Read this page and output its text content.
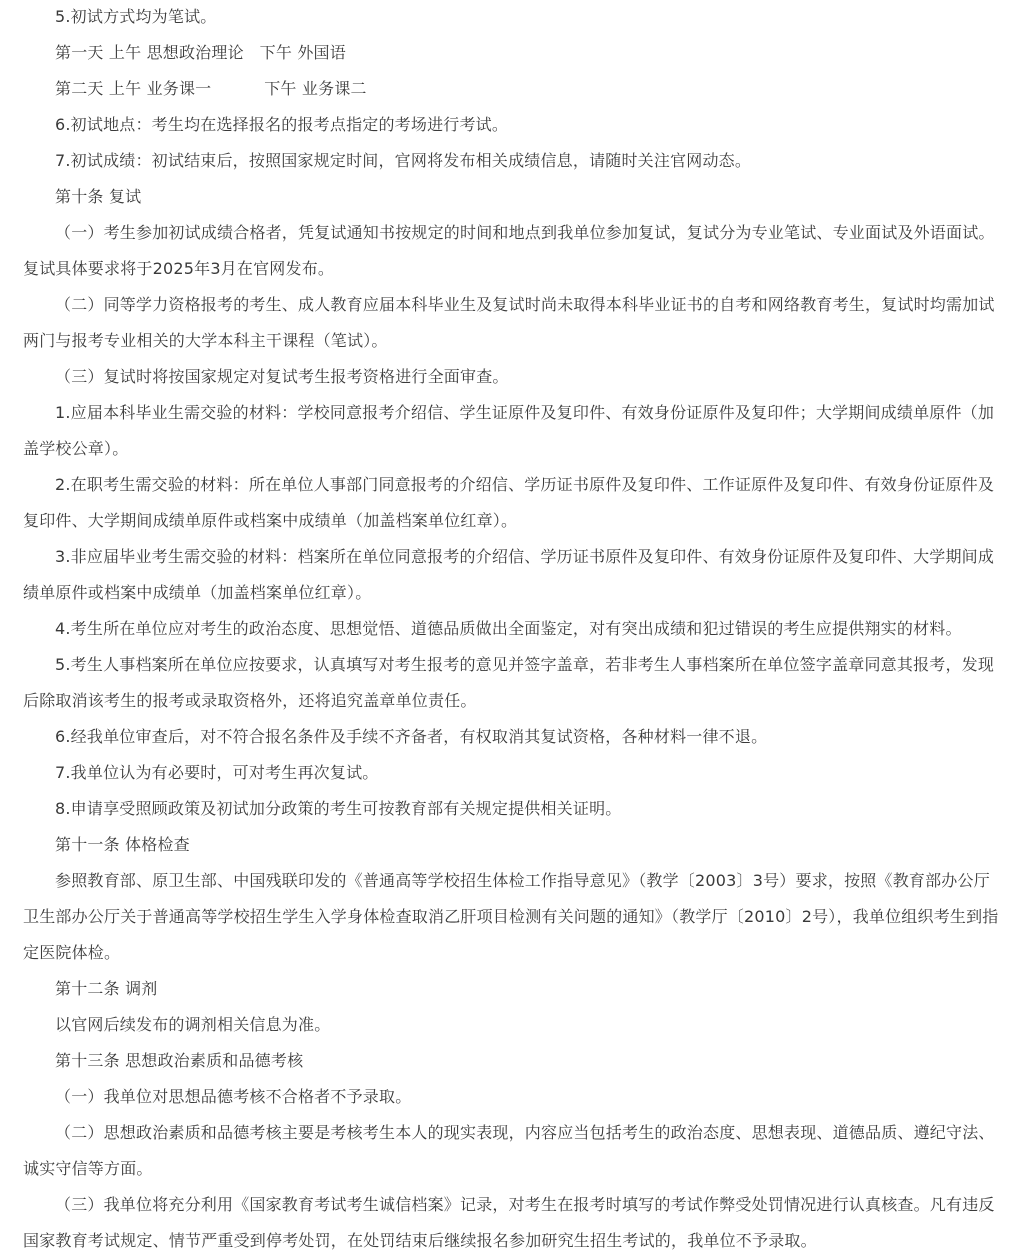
5.初试方式均为笔试。

第一天 上午 思想政治理论   下午 外国语

第二天 上午 业务课一          下午 业务课二

6.初试地点：考生均在选择报名的报考点指定的考场进行考试。

7.初试成绩：初试结束后，按照国家规定时间，官网将发布相关成绩信息，请随时关注官网动态。

第十条 复试

（一）考生参加初试成绩合格者，凭复试通知书按规定的时间和地点到我单位参加复试，复试分为专业笔试、专业面试及外语面试。复试具体要求将于2025年3月在官网发布。

（二）同等学力资格报考的考生、成人教育应届本科毕业生及复试时尚未取得本科毕业证书的自考和网络教育考生，复试时均需加试两门与报考专业相关的大学本科主干课程（笔试）。

（三）复试时将按国家规定对复试考生报考资格进行全面审查。

1.应届本科毕业生需交验的材料：学校同意报考介绍信、学生证原件及复印件、有效身份证原件及复印件；大学期间成绩单原件（加盖学校公章）。

2.在职考生需交验的材料：所在单位人事部门同意报考的介绍信、学历证书原件及复印件、工作证原件及复印件、有效身份证原件及复印件、大学期间成绩单原件或档案中成绩单（加盖档案单位红章）。

3.非应届毕业考生需交验的材料：档案所在单位同意报考的介绍信、学历证书原件及复印件、有效身份证原件及复印件、大学期间成绩单原件或档案中成绩单（加盖档案单位红章）。

4.考生所在单位应对考生的政治态度、思想觉悟、道德品质做出全面鉴定，对有突出成绩和犯过错误的考生应提供翔实的材料。

5.考生人事档案所在单位应按要求，认真填写对考生报考的意见并签字盖章，若非考生人事档案所在单位签字盖章同意其报考，发现后除取消该考生的报考或录取资格外，还将追究盖章单位责任。

6.经我单位审查后，对不符合报名条件及手续不齐备者，有权取消其复试资格，各种材料一律不退。

7.我单位认为有必要时，可对考生再次复试。

8.申请享受照顾政策及初试加分政策的考生可按教育部有关规定提供相关证明。

第十一条 体格检查

参照教育部、原卫生部、中国残联印发的《普通高等学校招生体检工作指导意见》（教学〔2003〕3号）要求，按照《教育部办公厅 卫生部办公厅关于普通高等学校招生学生入学身体检查取消乙肝项目检测有关问题的通知》（教学厅〔2010〕2号），我单位组织考生到指定医院体检。

第十二条 调剂

以官网后续发布的调剂相关信息为准。

第十三条 思想政治素质和品德考核

（一）我单位对思想品德考核不合格者不予录取。

（二）思想政治素质和品德考核主要是考核考生本人的现实表现，内容应当包括考生的政治态度、思想表现、道德品质、遵纪守法、诚实守信等方面。

（三）我单位将充分利用《国家教育考试考生诚信档案》记录，对考生在报考时填写的考试作弊受处罚情况进行认真核查。凡有违反国家教育考试规定、情节严重受到停考处罚，在处罚结束后继续报名参加研究生招生考试的，我单位不予录取。
